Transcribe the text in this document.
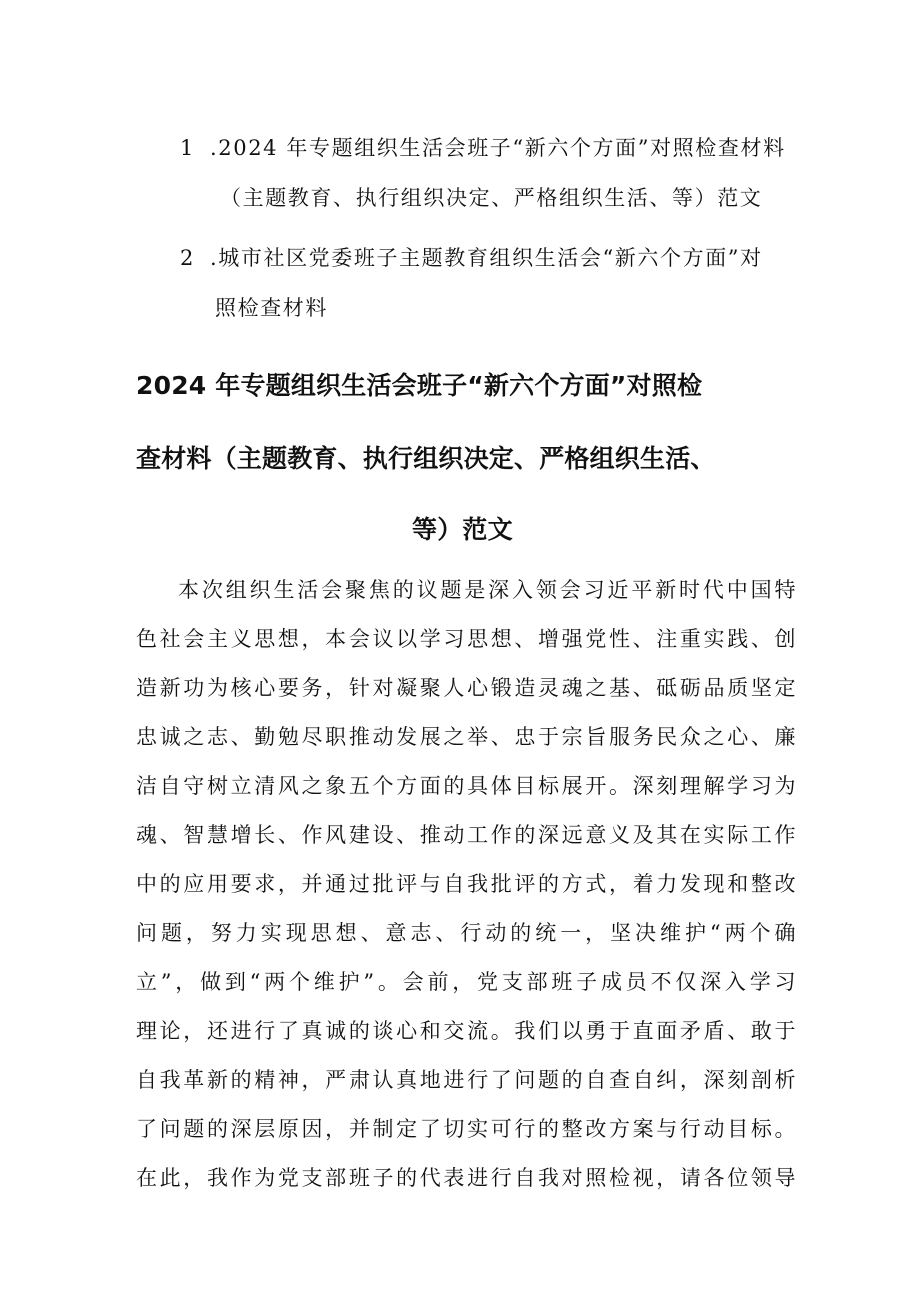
1 .2024 年专题组织生活会班子“新六个方面”对照检查材料
（主题教育、执行组织决定、严格组织生活、等）范文
2 .城市社区党委班子主题教育组织生活会“新六个方面”对
照检查材料
2024 年专题组织生活会班子“新六个方面”对照检
查材料（主题教育、执行组织决定、严格组织生活、
等）范文
本次组织生活会聚焦的议题是深入领会习近平新时代中国特
色社会主义思想，本会议以学习思想、增强党性、注重实践、创
造新功为核心要务，针对凝聚人心锻造灵魂之基、砥砺品质坚定
忠诚之志、勤勉尽职推动发展之举、忠于宗旨服务民众之心、廉
洁自守树立清风之象五个方面的具体目标展开。深刻理解学习为
魂、智慧增长、作风建设、推动工作的深远意义及其在实际工作
中的应用要求，并通过批评与自我批评的方式，着力发现和整改
问题，努力实现思想、意志、行动的统一，坚决维护“两个确
立”，做到“两个维护”。会前，党支部班子成员不仅深入学习
理论，还进行了真诚的谈心和交流。我们以勇于直面矛盾、敢于
自我革新的精神，严肃认真地进行了问题的自查自纠，深刻剖析
了问题的深层原因，并制定了切实可行的整改方案与行动目标。
在此，我作为党支部班子的代表进行自我对照检视，请各位领导
